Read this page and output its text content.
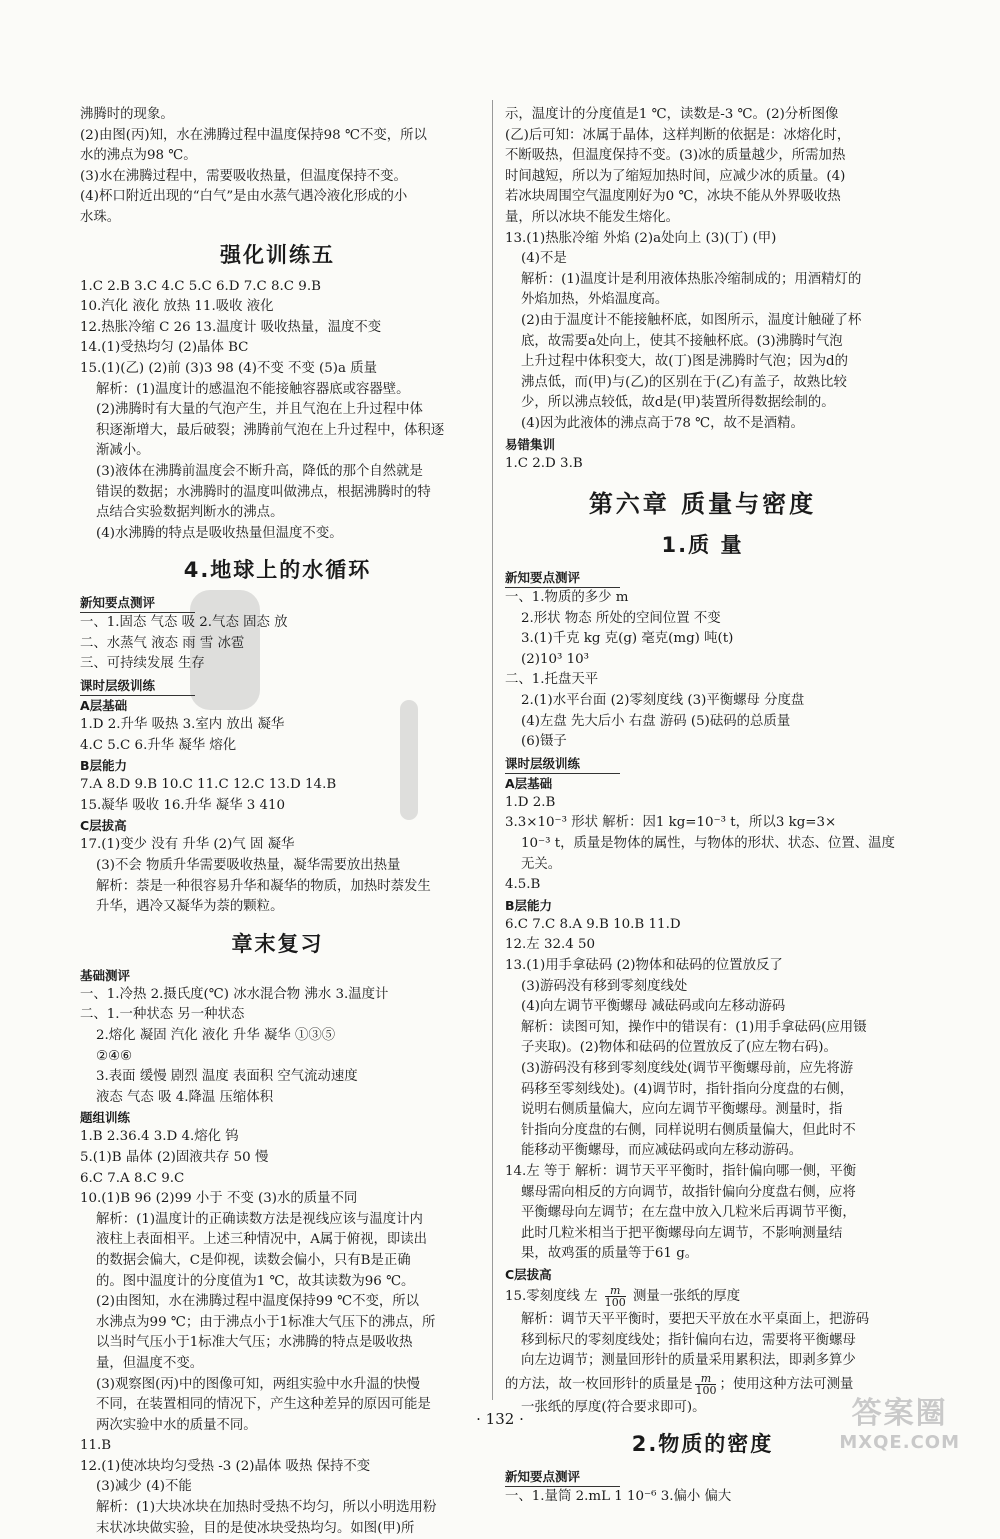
沸腾时的现象。
(2)由图(丙)知，水在沸腾过程中温度保持98 ℃不变，所以
水的沸点为98 ℃。
(3)水在沸腾过程中，需要吸收热量，但温度保持不变。
(4)杯口附近出现的“白气”是由水蒸气遇冷液化形成的小
水珠。
强化训练五
1.C 2.B 3.C 4.C 5.C 6.D 7.C 8.C 9.B
10.汽化 液化 放热 11.吸收 液化
12.热胀冷缩 C 26 13.温度计 吸收热量，温度不变
14.(1)受热均匀 (2)晶体 BC
15.(1)(乙) (2)前 (3)3 98 (4)不变 不变 (5)a 质量
解析：(1)温度计的感温泡不能接触容器底或容器壁。
(2)沸腾时有大量的气泡产生，并且气泡在上升过程中体
积逐渐增大，最后破裂；沸腾前气泡在上升过程中，体积逐
渐减小。
(3)液体在沸腾前温度会不断升高，降低的那个自然就是
错误的数据；水沸腾时的温度叫做沸点，根据沸腾时的特
点结合实验数据判断水的沸点。
(4)水沸腾的特点是吸收热量但温度不变。
4.地球上的水循环
新知要点测评
一、1.固态 气态 吸 2.气态 固态 放
二、水蒸气 液态 雨 雪 冰雹
三、可持续发展 生存
课时层级训练
A层基础
1.D 2.升华 吸热 3.室内 放出 凝华
4.C 5.C 6.升华 凝华 熔化
B层能力
7.A 8.D 9.B 10.C 11.C 12.C 13.D 14.B
15.凝华 吸收 16.升华 凝华 3 410
C层拔高
17.(1)变少 没有 升华 (2)气 固 凝华
(3)不会 物质升华需要吸收热量，凝华需要放出热量
解析：萘是一种很容易升华和凝华的物质，加热时萘发生
升华，遇冷又凝华为萘的颗粒。
章末复习
基础测评
一、1.冷热 2.摄氏度(℃) 冰水混合物 沸水 3.温度计
二、1.一种状态 另一种状态
2.熔化 凝固 汽化 液化 升华 凝华 ①③⑤
②④⑥
3.表面 缓慢 剧烈 温度 表面积 空气流动速度
液态 气态 吸 4.降温 压缩体积
题组训练
1.B 2.36.4 3.D 4.熔化 钨
5.(1)B 晶体 (2)固液共存 50 慢
6.C 7.A 8.C 9.C
10.(1)B 96 (2)99 小于 不变 (3)水的质量不同
解析：(1)温度计的正确读数方法是视线应该与温度计内
液柱上表面相平。上述三种情况中，A属于俯视，即读出
的数据会偏大，C是仰视，读数会偏小，只有B是正确
的。图中温度计的分度值为1 ℃，故其读数为96 ℃。
(2)由图知，水在沸腾过程中温度保持99 ℃不变，所以
水沸点为99 ℃；由于沸点小于1标准大气压下的沸点，所
以当时气压小于1标准大气压；水沸腾的特点是吸收热
量，但温度不变。
(3)观察图(丙)中的图像可知，两组实验中水升温的快慢
不同，在装置相同的情况下，产生这种差异的原因可能是
两次实验中水的质量不同。
11.B
12.(1)使冰块均匀受热 -3 (2)晶体 吸热 保持不变
(3)减少 (4)不能
解析：(1)大块冰块在加热时受热不均匀，所以小明选用粉
末状冰块做实验，目的是使冰块受热均匀。如图(甲)所
示，温度计的分度值是1 ℃，读数是-3 ℃。(2)分析图像
(乙)后可知：冰属于晶体，这样判断的依据是：冰熔化时，
不断吸热，但温度保持不变。(3)冰的质量越少，所需加热
时间越短，所以为了缩短加热时间，应减少冰的质量。(4)
若冰块周围空气温度刚好为0 ℃，冰块不能从外界吸收热
量，所以冰块不能发生熔化。
13.(1)热胀冷缩 外焰 (2)a处向上 (3)(丁) (甲)
(4)不是
解析：(1)温度计是利用液体热胀冷缩制成的；用酒精灯的
外焰加热，外焰温度高。
(2)由于温度计不能接触杯底，如图所示，温度计触碰了杯
底，故需要a处向上，使其不接触杯底。(3)沸腾时气泡
上升过程中体积变大，故(丁)图是沸腾时气泡；因为d的
沸点低，而(甲)与(乙)的区别在于(乙)有盖子，故熟比较
少，所以沸点较低，故d是(甲)装置所得数据绘制的。
(4)因为此液体的沸点高于78 ℃，故不是酒精。
易错集训
1.C 2.D 3.B
第六章 质量与密度
1.质 量
新知要点测评
一、1.物质的多少 m
2.形状 物态 所处的空间位置 不变
3.(1)千克 kg 克(g) 毫克(mg) 吨(t)
(2)10³ 10³
二、1.托盘天平
2.(1)水平台面 (2)零刻度线 (3)平衡螺母 分度盘
(4)左盘 先大后小 右盘 游码 (5)砝码的总质量
(6)镊子
课时层级训练
A层基础
1.D 2.B
3.3×10⁻³ 形状 解析：因1 kg=10⁻³ t，所以3 kg=3×
10⁻³ t，质量是物体的属性，与物体的形状、状态、位置、温度
无关。
4.5.B
B层能力
6.C 7.C 8.A 9.B 10.B 11.D
12.左 32.4 50
13.(1)用手拿砝码 (2)物体和砝码的位置放反了
(3)游码没有移到零刻度线处
(4)向左调节平衡螺母 减砝码或向左移动游码
解析：读图可知，操作中的错误有：(1)用手拿砝码(应用镊
子夹取)。(2)物体和砝码的位置放反了(应左物右码)。
(3)游码没有移到零刻度线处(调节平衡螺母前，应先将游
码移至零刻线处)。(4)调节时，指针指向分度盘的右侧，
说明右侧质量偏大，应向左调节平衡螺母。测量时，指
针指向分度盘的右侧，同样说明右侧质量偏大，但此时不
能移动平衡螺母，而应减砝码或向左移动游码。
14.左 等于 解析：调节天平平衡时，指针偏向哪一侧，平衡
螺母需向相反的方向调节，故指针偏向分度盘右侧，应将
平衡螺母向左调节；在左盘中放入几粒米后再调节平衡，
此时几粒米相当于把平衡螺母向左调节，不影响测量结
果，故鸡蛋的质量等于61 g。
C层拔高
15.零刻度线 左 $\frac{m}{100}$ 测量一张纸的厚度
解析：调节天平平衡时，要把天平放在水平桌面上，把游码
移到标尺的零刻度线处；指针偏向右边，需要将平衡螺母
向左边调节；测量回形针的质量采用累积法，即剥多算少
的方法，故一枚回形针的质量是 $\frac{m}{100}$ ；使用这种方法可测量
一张纸的厚度(符合要求即可)。
2.物质的密度
新知要点测评
一、1.量筒 2.mL 1 10⁻⁶ 3.偏小 偏大
· 132 ·	答案圈
MXQE.COM
